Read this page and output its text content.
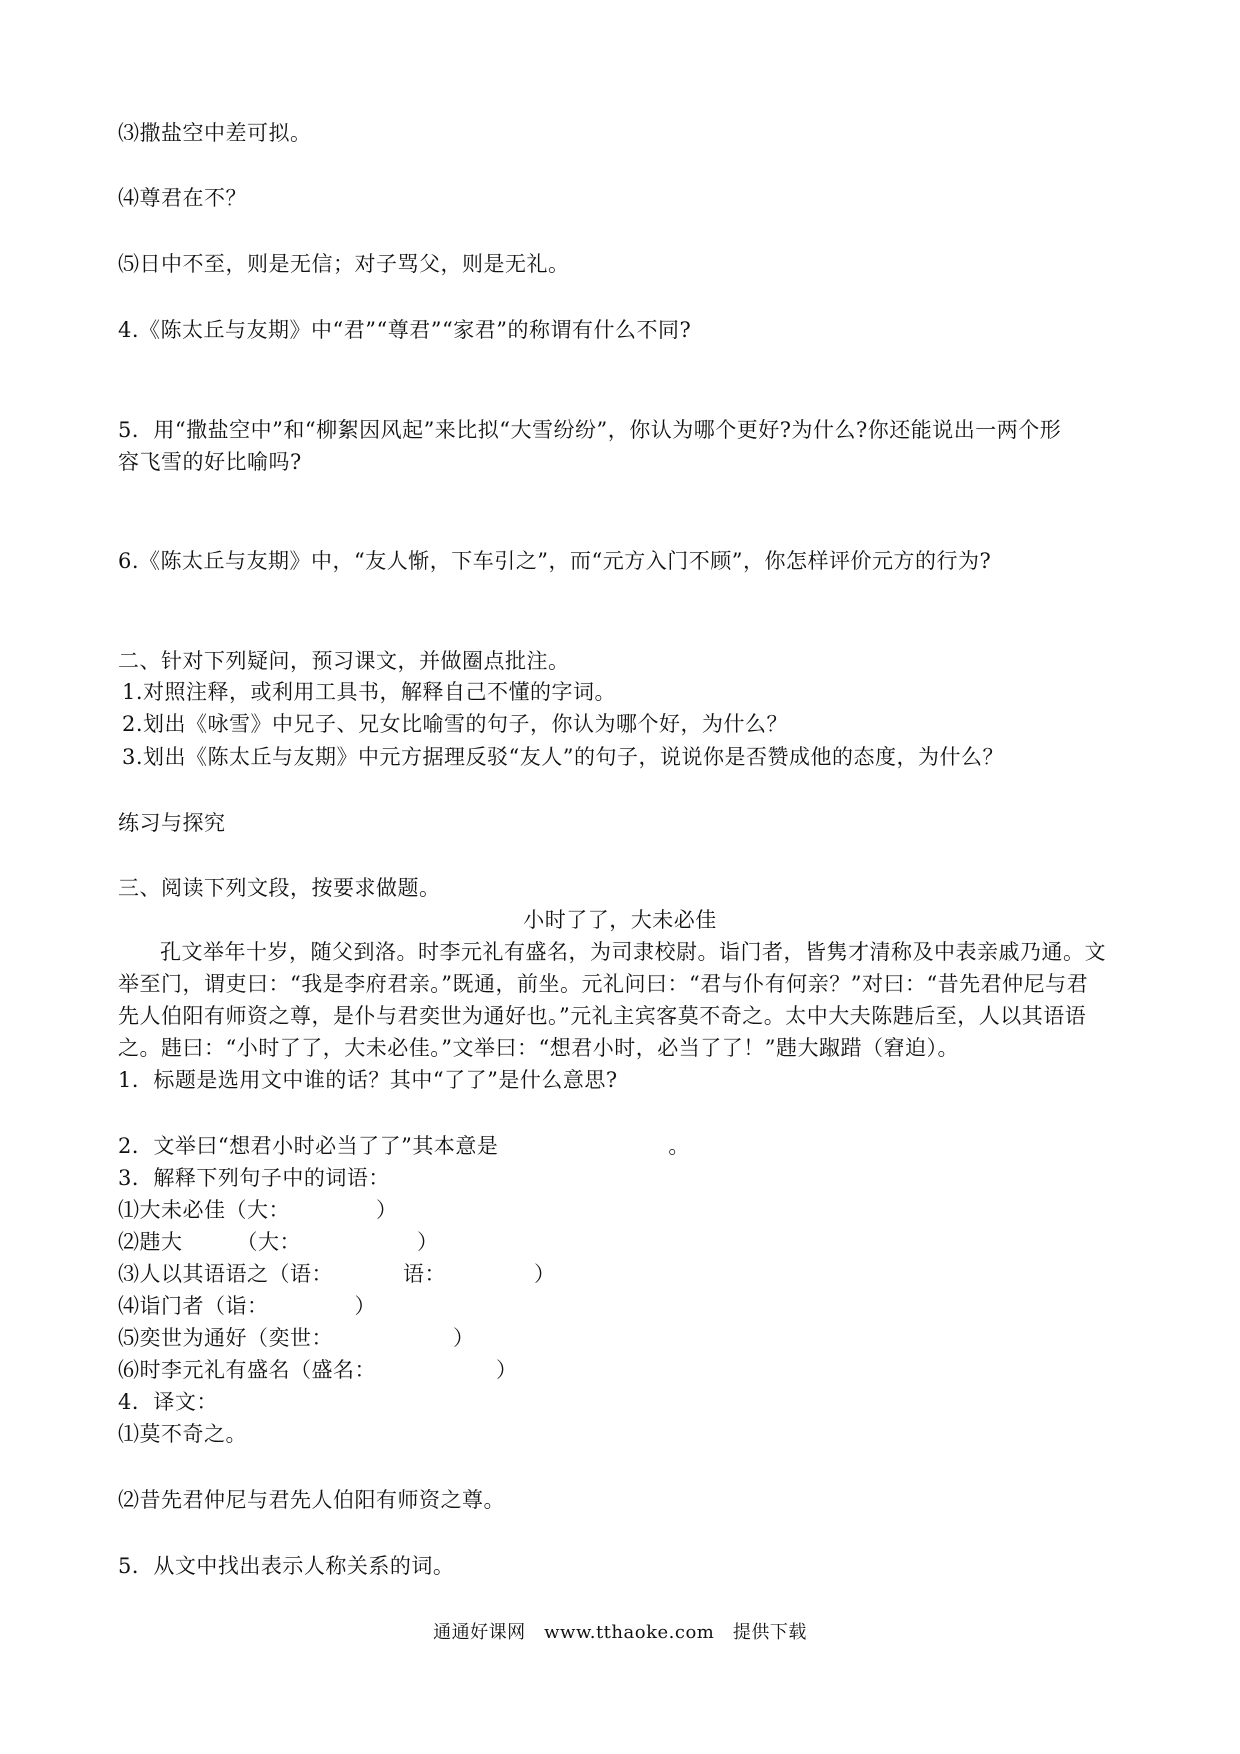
⑶撒盐空中差可拟。
⑷尊君在不？
⑸日中不至，则是无信；对子骂父，则是无礼。
4.《陈太丘与友期》中“君”“尊君”“家君”的称谓有什么不同?
5．用“撒盐空中”和“柳絮因风起”来比拟“大雪纷纷”，你认为哪个更好?为什么?你还能说出一两个形
容飞雪的好比喻吗?
6.《陈太丘与友期》中，“友人惭，下车引之”，而“元方入门不顾”，你怎样评价元方的行为?
二、针对下列疑问，预习课文，并做圈点批注。
1.对照注释，或利用工具书，解释自己不懂的字词。
2.划出《咏雪》中兄子、兄女比喻雪的句子，你认为哪个好，为什么？
3.划出《陈太丘与友期》中元方据理反驳“友人”的句子，说说你是否赞成他的态度，为什么？
练习与探究
三、阅读下列文段，按要求做题。
小时了了，大未必佳
孔文举年十岁，随父到洛。时李元礼有盛名，为司隶校尉。诣门者，皆隽才清称及中表亲戚乃通。文
举至门，谓吏曰：“我是李府君亲。”既通，前坐。元礼问曰：“君与仆有何亲？”对曰：“昔先君仲尼与君
先人伯阳有师资之尊，是仆与君奕世为通好也。”元礼主宾客莫不奇之。太中大夫陈韪后至，人以其语语
之。韪曰：“小时了了，大未必佳。”文举曰：“想君小时，必当了了！”韪大踧踖（窘迫）。
1．标题是选用文中谁的话？其中“了了”是什么意思?
2．文举曰“想君小时必当了了”其本意是	。
3．解释下列句子中的词语：
⑴大未必佳（大：	）
⑵韪大　　　（大：	）
⑶人以其语语之（语：	语：	）
⑷诣门者（诣：	）
⑸奕世为通好（奕世：	）
⑹时李元礼有盛名（盛名：	）
4．译文：
⑴莫不奇之。
⑵昔先君仲尼与君先人伯阳有师资之尊。
5．从文中找出表示人称关系的词。
通通好课网　www.tthaoke.com　提供下载
